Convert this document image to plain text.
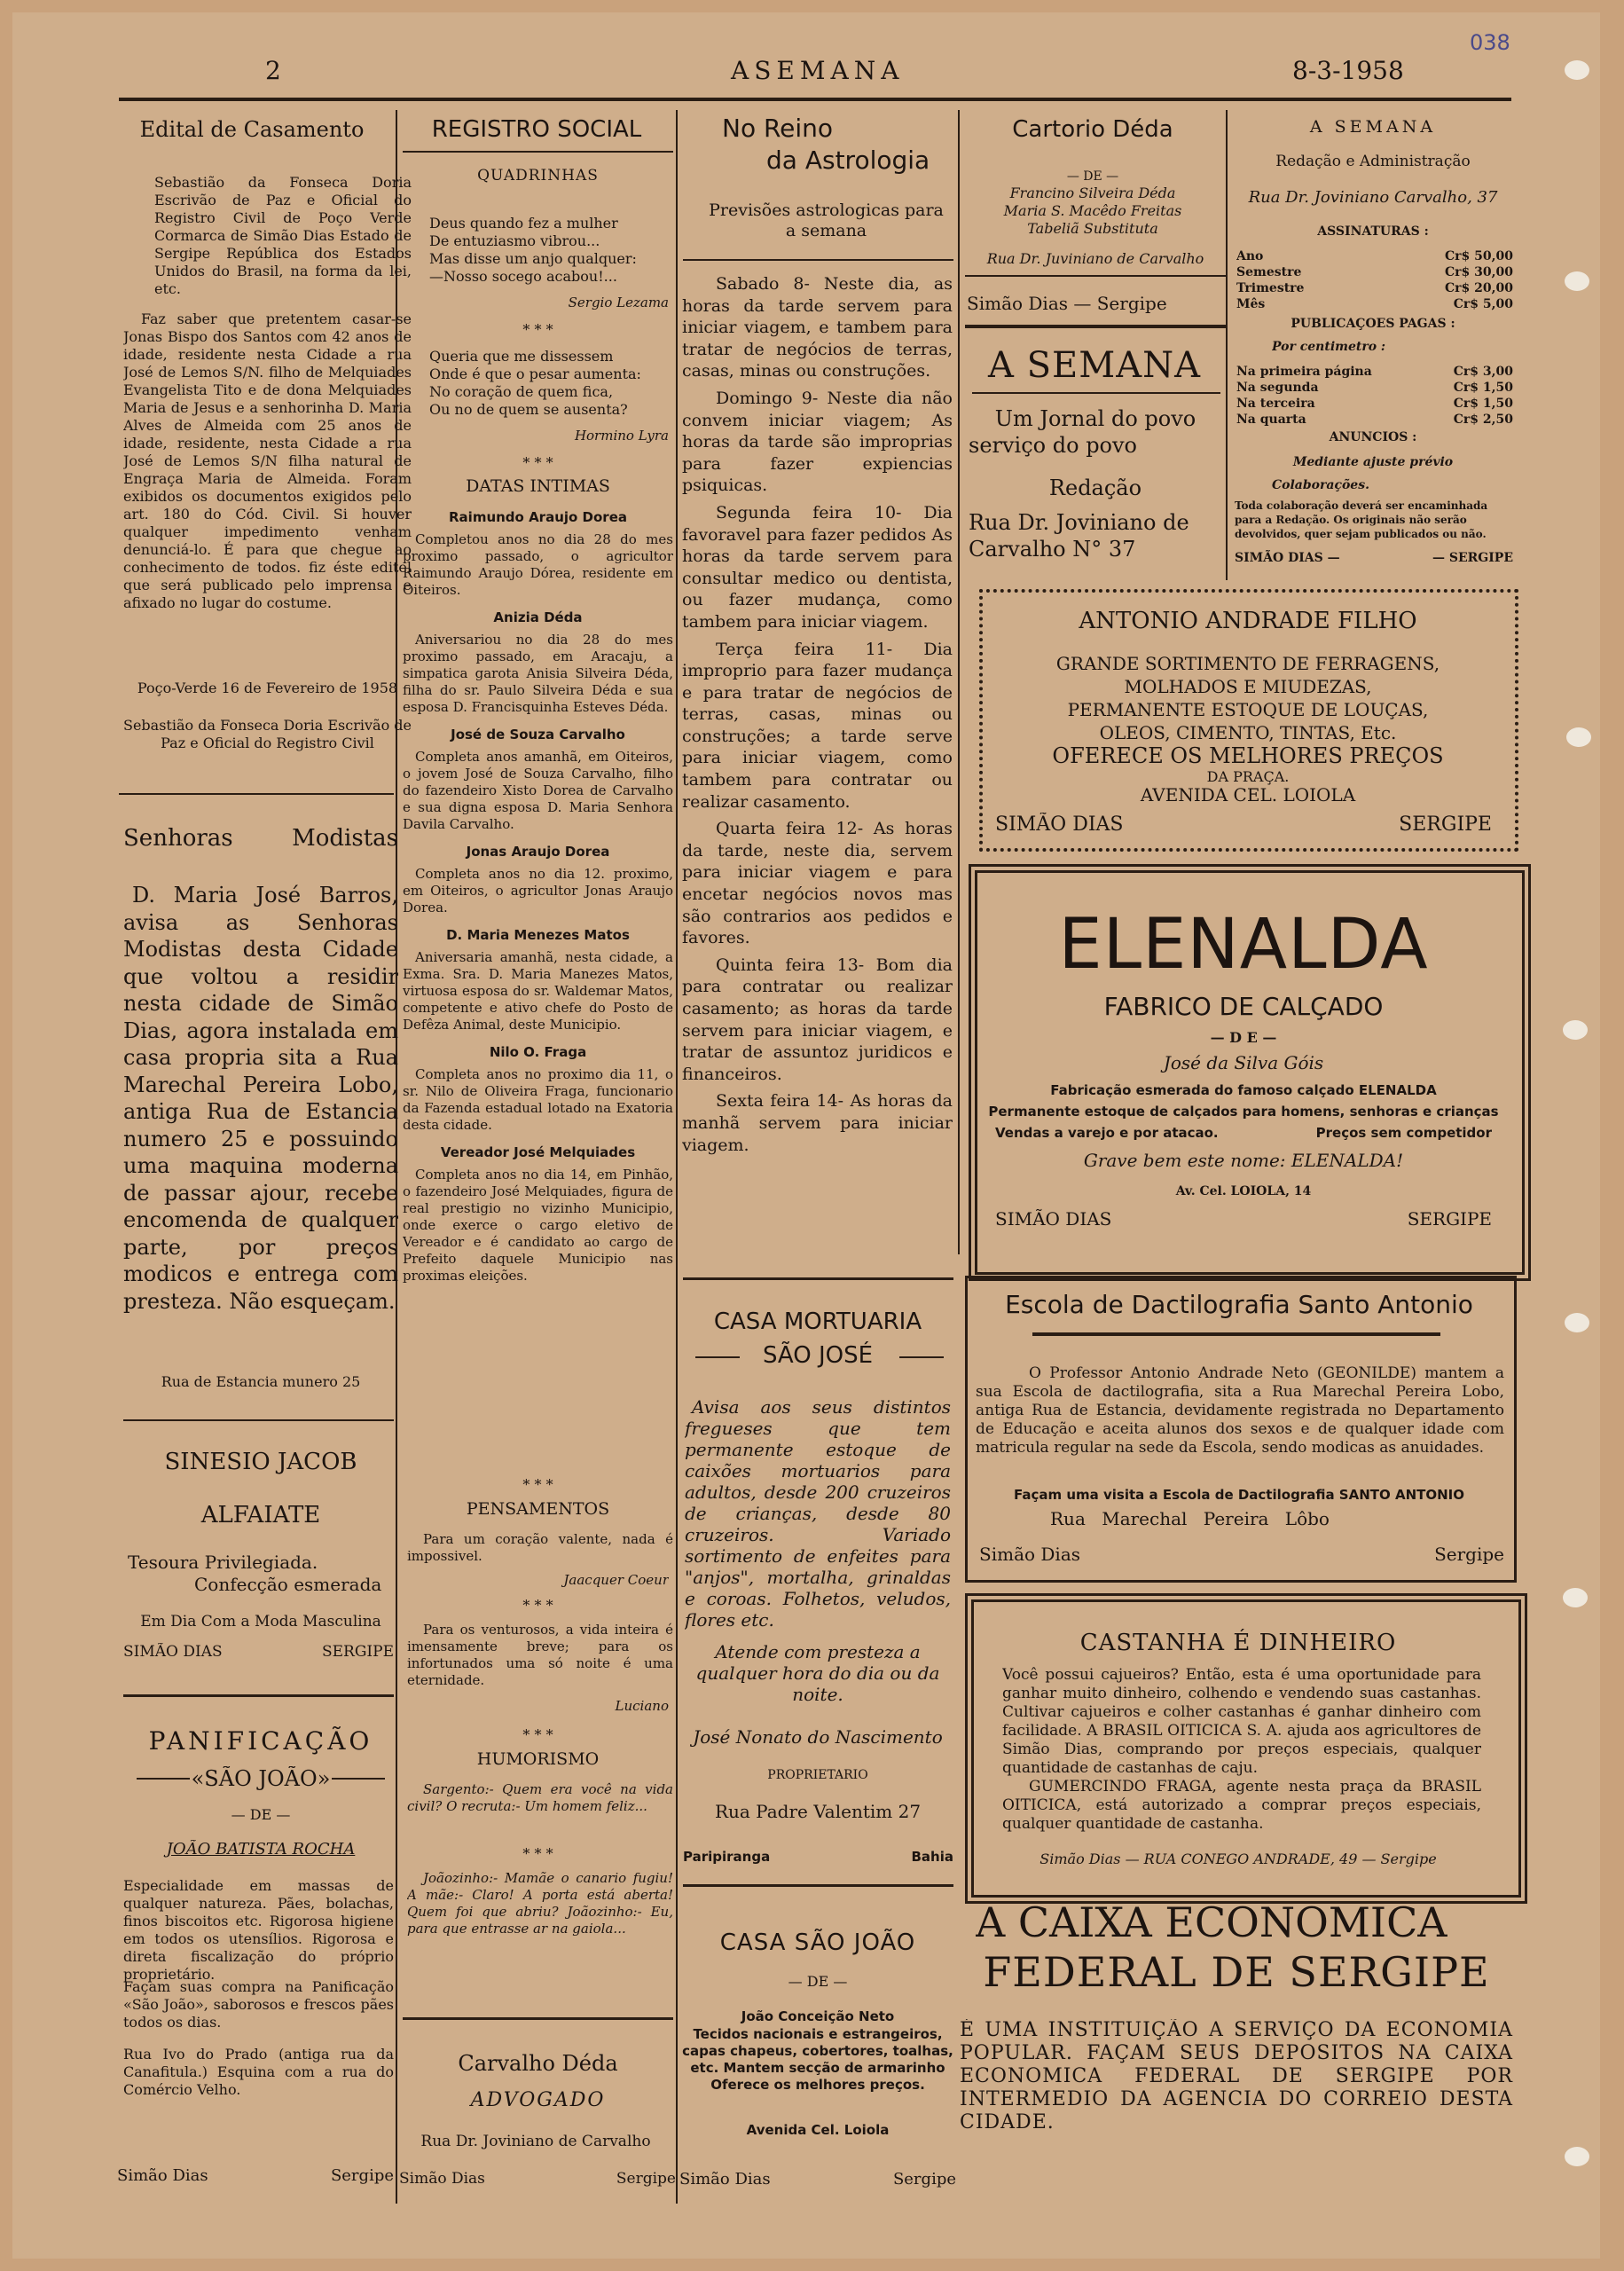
2	ASEMANA	8-3-1958
038
Edital de Casamento
Sebastião da Fonseca Doria Escrivão de Paz e Oficial do Registro Civil de Poço Verde Cormarca de Simão Dias Estado de Sergipe República dos Estados Unidos do Brasil, na forma da lei, etc.
Faz saber que pretentem casar-se Jonas Bispo dos Santos com 42 anos de idade, residente nesta Cidade a rua José de Lemos S/N. filho de Melquiades Evangelista Tito e de dona Melquiades Maria de Jesus e a senhorinha D. Maria Alves de Almeida com 25 anos de idade, residente, nesta Cidade a rua José de Lemos S/N filha natural de Engraça Maria de Almeida. Foram exibidos os documentos exigidos pelo art. 180 do Cód. Civil. Si houver qualquer impedimento venham denunciá-lo. É para que chegue ao conhecimento de todos. fiz éste editel que será publicado pelo imprensa e afixado no lugar do costume.
Poço-Verde 16 de Fevereiro de 1958
Sebastião da Fonseca Doria Escrivão de Paz e Oficial do Registro Civil
Senhoras	Modistas
D. Maria José Barros, avisa as Senhoras Modistas desta Cidade que voltou a residir nesta cidade de Simão Dias, agora instalada em casa propria sita a Rua Marechal Pereira Lobo, antiga Rua de Estancia numero 25 e possuindo uma maquina moderna de passar ajour, recebe encomenda de qualquer parte, por preços modicos e entrega com presteza. Não esqueçam.
Rua de Estancia munero 25
SINESIO JACOB
ALFAIATE
Tesoura Privilegiada.
Confecção esmerada
Em Dia Com a Moda Masculina
SIMÃO DIAS	SERGIPE
PANIFICAÇÃO
«SÃO JOÃO»
— DE —
JOÃO BATISTA ROCHA
Especialidade em massas de qualquer natureza. Pães, bolachas, finos biscoitos etc. Rigorosa higiene em todos os utensílios. Rigorosa e direta fiscalização do próprio proprietário.
Façam suas compra na Panificação «São João», saborosos e frescos pães todos os dias.
Rua Ivo do Prado (antiga rua da Canafitula.) Esquina com a rua do Comércio Velho.
Simão Dias	Sergipe
REGISTRO SOCIAL
QUADRINHAS
Deus quando fez a mulher
De entuziasmo vibrou...
Mas disse um anjo qualquer:
—Nosso socego acabou!...
Sergio Lezama
* * *
Queria que me dissessem
Onde é que o pesar aumenta:
No coração de quem fica,
Ou no de quem se ausenta?
Hormino Lyra
* * *
DATAS INTIMAS
Raimundo Araujo Dorea
Completou anos no dia 28 do mes proximo passado, o agricultor Raimundo Araujo Dórea, residente em Oiteiros.
Anizia Déda
Aniversariou no dia 28 do mes proximo passado, em Aracaju, a simpatica garota Anisia Silveira Déda, filha do sr. Paulo Silveira Déda e sua esposa D. Francisquinha Esteves Déda.
José de Souza Carvalho
Completa anos amanhã, em Oiteiros, o jovem José de Souza Carvalho, filho do fazendeiro Xisto Dorea de Carvalho e sua digna esposa D. Maria Senhora Davila Carvalho.
Jonas Araujo Dorea
Completa anos no dia 12. proximo, em Oiteiros, o agricultor Jonas Araujo Dorea.
D. Maria Menezes Matos
Aniversaria amanhã, nesta cidade, a Exma. Sra. D. Maria Manezes Matos, virtuosa esposa do sr. Waldemar Matos, competente e ativo chefe do Posto de Defêza Animal, deste Municipio.
Nilo O. Fraga
Completa anos no proximo dia 11, o sr. Nilo de Oliveira Fraga, funcionario da Fazenda estadual lotado na Exatoria desta cidade.
Vereador José Melquiades
Completa anos no dia 14, em Pinhão, o fazendeiro José Melquiades, figura de real prestigio no vizinho Municipio, onde exerce o cargo eletivo de Vereador e é candidato ao cargo de Prefeito daquele Municipio nas proximas eleições.
* * *
PENSAMENTOS
Para um coração valente, nada é impossivel.
Jaacquer Coeur
* * *
Para os venturosos, a vida inteira é imensamente breve; para os infortunados uma só noite é uma eternidade.
Luciano
* * *
HUMORISMO
Sargento:- Quem era você na vida civil? O recruta:- Um homem feliz...
* * *
Joãozinho:- Mamãe o canario fugiu! A mãe:- Claro! A porta está aberta! Quem foi que abriu? Joãozinho:- Eu, para que entrasse ar na gaiola...
Carvalho Déda
ADVOGADO
Rua Dr. Joviniano de Carvalho
Simão Dias	Sergipe
No Reino
da Astrologia
Previsões astrologicas para a semana
Sabado 8- Neste dia, as horas da tarde servem para iniciar viagem, e tambem para tratar de negócios de terras, casas, minas ou construções.
Domingo 9- Neste dia não convem iniciar viagem; As horas da tarde são improprias para fazer expiencias psiquicas.
Segunda feira 10- Dia favoravel para fazer pedidos As horas da tarde servem para consultar medico ou dentista, ou fazer mudança, como tambem para iniciar viagem.
Terça feira 11- Dia improprio para fazer mudança e para tratar de negócios de terras, casas, minas ou construções; a tarde serve para iniciar viagem, como tambem para contratar ou realizar casamento.
Quarta feira 12- As horas da tarde, neste dia, servem para iniciar viagem e para encetar negócios novos mas são contrarios aos pedidos e favores.
Quinta feira 13- Bom dia para contratar ou realizar casamento; as horas da tarde servem para iniciar viagem, e tratar de assuntoz juridicos e financeiros.
Sexta feira 14- As horas da manhã servem para iniciar viagem.
CASA MORTUARIA
SÃO JOSÉ
Avisa aos seus distintos fregueses que tem permanente estoque de caixões mortuarios para adultos, desde 200 cruzeiros de crianças, desde 80 cruzeiros. Variado sortimento de enfeites para "anjos", mortalha, grinaldas e coroas. Folhetos, veludos, flores etc.
Atende com presteza a qualquer hora do dia ou da noite.
José Nonato do Nascimento
PROPRIETARIO
Rua Padre Valentim 27
Paripiranga	Bahia
CASA SÃO JOÃO
— DE —
João Conceição Neto
Tecidos nacionais e estrangeiros, capas chapeus, cobertores, toalhas, etc. Mantem secção de armarinho Oferece os melhores preços.
Avenida Cel. Loiola
Simão Dias	Sergipe
Cartorio Déda
— DE —
Francino Silveira Déda
Maria S. Macêdo Freitas
Tabeliã Substituta
Rua Dr. Juviniano de Carvalho
Simão Dias — Sergipe
A SEMANA
Um Jornal do povo
serviço do povo
Redação
Rua Dr. Joviniano de Carvalho N° 37
A SEMANA
Redação e Administração
Rua Dr. Joviniano Carvalho, 37
ASSINATURAS :
Ano	Cr$ 50,00
Semestre	Cr$ 30,00
Trimestre	Cr$ 20,00
Mês	Cr$ 5,00
PUBLICAÇOES PAGAS :
Por centimetro :
Na primeira página	Cr$ 3,00
Na segunda	Cr$ 1,50
Na terceira	Cr$ 1,50
Na quarta	Cr$ 2,50
ANUNCIOS :
Mediante ajuste prévio
Colaborações.
Toda colaboração deverá ser encaminhada para a Redação. Os originais não serão devolvidos, quer sejam publicados ou não.
SIMÃO DIAS —	— SERGIPE
ANTONIO ANDRADE FILHO
GRANDE SORTIMENTO DE FERRAGENS,
MOLHADOS E MIUDEZAS,
PERMANENTE ESTOQUE DE LOUÇAS,
OLEOS, CIMENTO, TINTAS, Etc.
OFERECE OS MELHORES PREÇOS
DA PRAÇA.
AVENIDA CEL. LOIOLA
SIMÃO DIAS	SERGIPE
ELENALDA
FABRICO DE CALÇADO
— D E —
José da Silva Góis
Fabricação esmerada do famoso calçado ELENALDA
Permanente estoque de calçados para homens, senhoras e crianças
Vendas a varejo e por atacao.	Preços sem competidor
Grave bem este nome: ELENALDA!
Av. Cel. LOIOLA, 14
SIMÃO DIAS	SERGIPE
Escola de Dactilografia Santo Antonio
O Professor Antonio Andrade Neto (GEONILDE) mantem a sua Escola de dactilografia, sita a Rua Marechal Pereira Lobo, antiga Rua de Estancia, devidamente registrada no Departamento de Educação e aceita alunos dos sexos e de qualquer idade com matricula regular na sede da Escola, sendo modicas as anuidades.
Façam uma visita a Escola de Dactilografia SANTO ANTONIO
Rua Marechal Pereira Lôbo
Simão Dias	Sergipe
CASTANHA É DINHEIRO
Você possui cajueiros? Então, esta é uma oportunidade para ganhar muito dinheiro, colhendo e vendendo suas castanhas. Cultivar cajueiros e colher castanhas é ganhar dinheiro com facilidade. A BRASIL OITICICA S. A. ajuda aos agricultores de Simão Dias, comprando por preços especiais, qualquer quantidade de castanhas de caju.
GUMERCINDO FRAGA, agente nesta praça da BRASIL OITICICA, está autorizado a comprar preços especiais, qualquer quantidade de castanha.
Simão Dias — RUA CONEGO ANDRADE, 49 — Sergipe
A CAIXA ECONOMICA
FEDERAL DE SERGIPE
É UMA INSTITUIÇÃO A SERVIÇO DA ECONOMIA POPULAR. FAÇAM SEUS DEPOSITOS NA CAIXA ECONOMICA FEDERAL DE SERGIPE POR INTERMEDIO DA AGENCIA DO CORREIO DESTA CIDADE.
